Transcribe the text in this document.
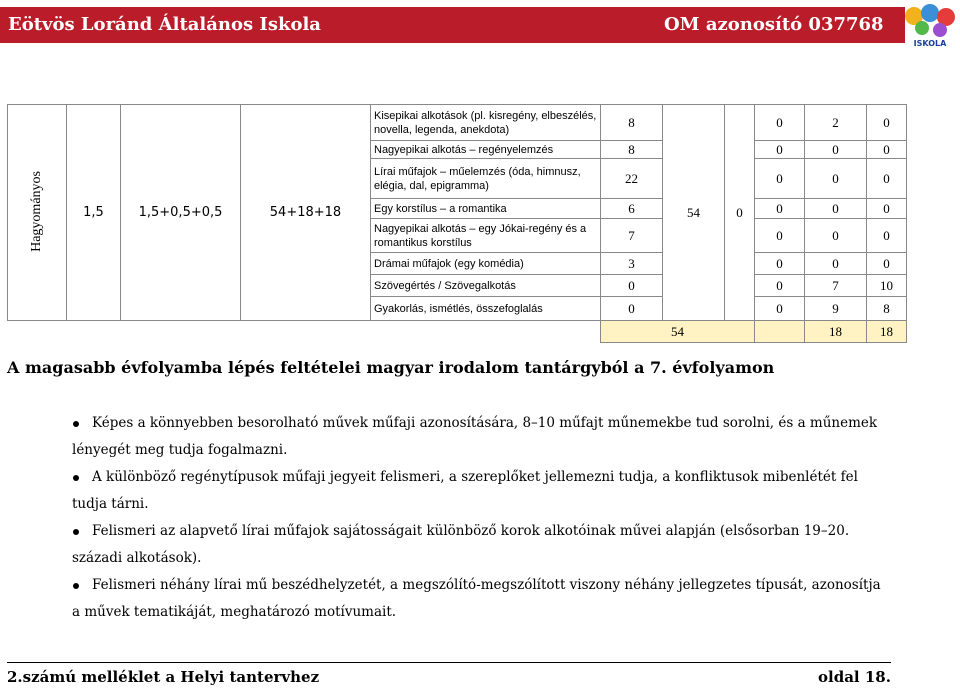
Eötvös Loránd Általános Iskola	OM azonosító 037768
ISKOLA
Hagyományos	1,5	1,5+0,5+0,5	54+18+18	Kisepikai alkotások (pl. kisregény, elbeszélés, novella, legenda, anekdota)	8	54	0	0	2	0
				Nagyepikai alkotás – regényelemzés	8			0	0	0
				Lírai műfajok – műelemzés (óda, himnusz, elégia, dal, epigramma)	22			0	0	0
				Egy korstílus – a romantika	6			0	0	0
				Nagyepikai alkotás – egy Jókai-regény és a romantikus korstílus	7			0	0	0
				Drámai műfajok (egy komédia)	3			0	0	0
				Szövegértés / Szövegalkotás	0			0	7	10
				Gyakorlás, ismétlés, összefoglalás	0			0	9	8
					54				18	18
A magasabb évfolyamba lépés feltételei magyar irodalom tantárgyból a 7. évfolyamon
Képes a könnyebben besorolható művek műfaji azonosítására, 8–10 műfajt műnemekbe tud sorolni, és a műnemek
lényegét meg tudja fogalmazni.
A különböző regénytípusok műfaji jegyeit felismeri, a szereplőket jellemezni tudja, a konfliktusok mibenlétét fel
tudja tárni.
Felismeri az alapvető lírai műfajok sajátosságait különböző korok alkotóinak művei alapján (elsősorban 19–20.
századi alkotások).
Felismeri néhány lírai mű beszédhelyzetét, a megszólító-megszólított viszony néhány jellegzetes típusát, azonosítja
a művek tematikáját, meghatározó motívumait.
2.számú melléklet a Helyi tantervhez	oldal 18.
